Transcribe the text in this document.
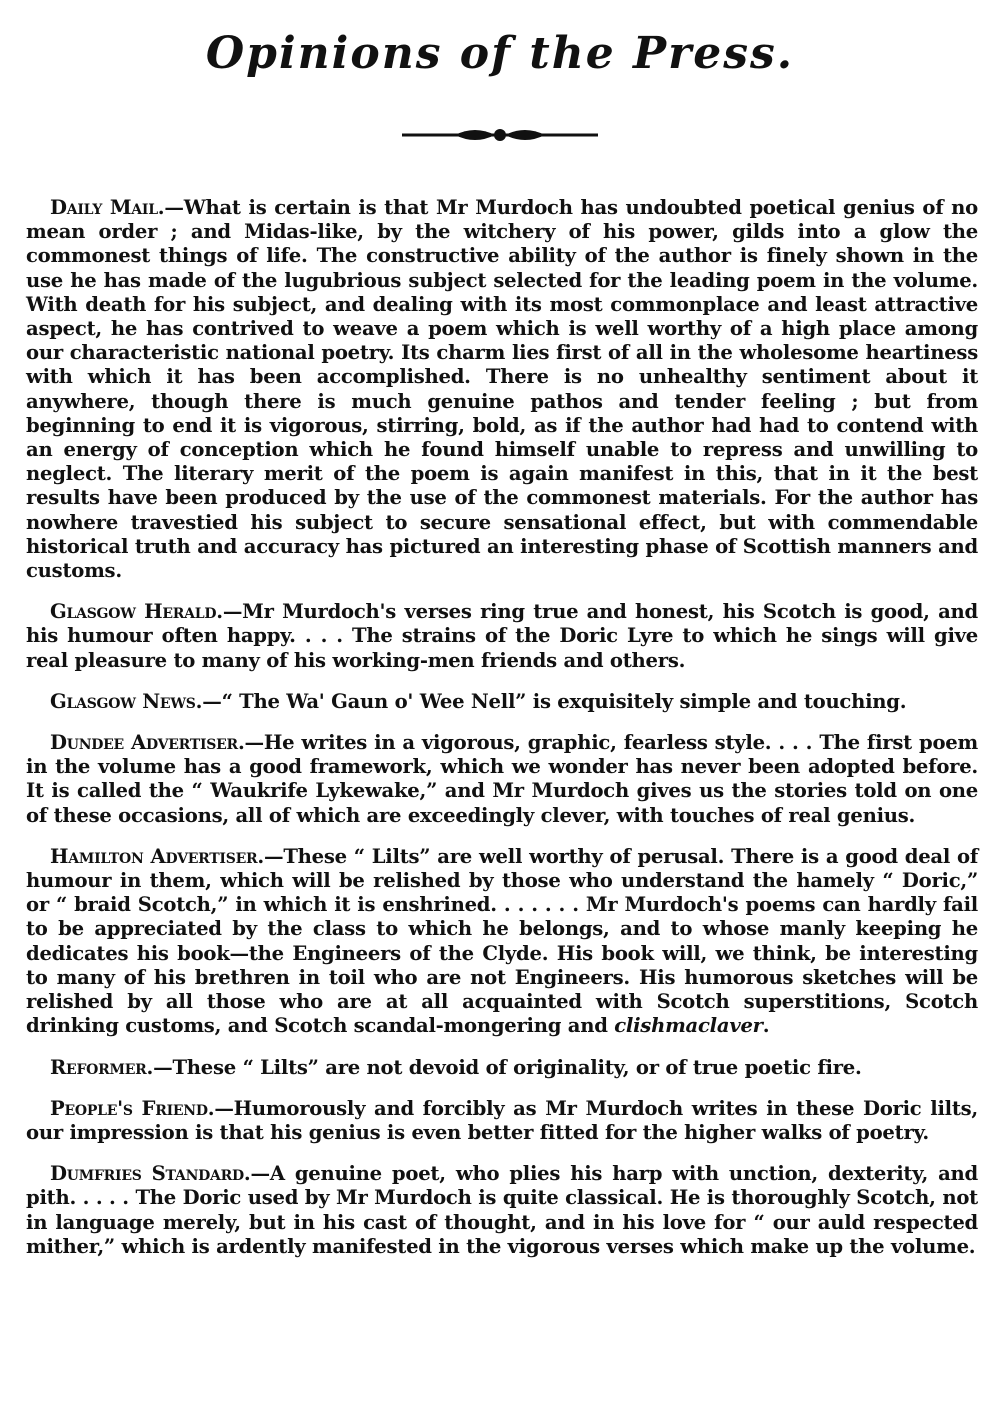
Opinions of the Press.

Daily Mail.—What is certain is that Mr Murdoch has undoubted poetical genius of no mean order ; and Midas-like, by the witchery of his power, gilds into a glow the commonest things of life. The constructive ability of the author is finely shown in the use he has made of the lugubrious subject selected for the leading poem in the volume. With death for his subject, and dealing with its most commonplace and least attractive aspect, he has contrived to weave a poem which is well worthy of a high place among our characteristic national poetry. Its charm lies first of all in the wholesome heartiness with which it has been accomplished. There is no unhealthy sentiment about it anywhere, though there is much genuine pathos and tender feeling ; but from beginning to end it is vigorous, stirring, bold, as if the author had had to contend with an energy of conception which he found himself unable to repress and unwilling to neglect. The literary merit of the poem is again manifest in this, that in it the best results have been produced by the use of the commonest materials. For the author has nowhere travestied his subject to secure sensational effect, but with commendable historical truth and accuracy has pictured an interesting phase of Scottish manners and customs.

Glasgow Herald.—Mr Murdoch's verses ring true and honest, his Scotch is good, and his humour often happy. . . . The strains of the Doric Lyre to which he sings will give real pleasure to many of his working-men friends and others.

Glasgow News.—“ The Wa' Gaun o' Wee Nell” is exquisitely simple and touching.

Dundee Advertiser.—He writes in a vigorous, graphic, fearless style. . . . The first poem in the volume has a good framework, which we wonder has never been adopted before. It is called the “ Waukrife Lykewake,” and Mr Murdoch gives us the stories told on one of these occasions, all of which are exceedingly clever, with touches of real genius.

Hamilton Advertiser.—These “ Lilts” are well worthy of perusal. There is a good deal of humour in them, which will be relished by those who understand the hamely “ Doric,” or “ braid Scotch,” in which it is enshrined. . . . . . . Mr Murdoch's poems can hardly fail to be appreciated by the class to which he belongs, and to whose manly keeping he dedicates his book—the Engineers of the Clyde. His book will, we think, be interesting to many of his brethren in toil who are not Engineers. His humorous sketches will be relished by all those who are at all acquainted with Scotch superstitions, Scotch drinking customs, and Scotch scandal-mongering and clishmaclaver.

Reformer.—These “ Lilts” are not devoid of originality, or of true poetic fire.

People's Friend.—Humorously and forcibly as Mr Murdoch writes in these Doric lilts, our impression is that his genius is even better fitted for the higher walks of poetry.

Dumfries Standard.—A genuine poet, who plies his harp with unction, dexterity, and pith. . . . . The Doric used by Mr Murdoch is quite classical. He is thoroughly Scotch, not in language merely, but in his cast of thought, and in his love for “ our auld respected mither,” which is ardently manifested in the vigorous verses which make up the volume.
